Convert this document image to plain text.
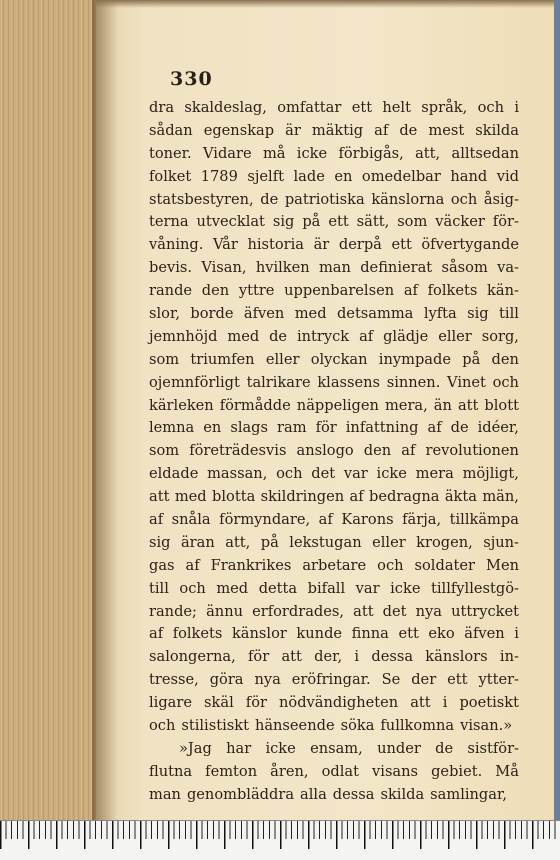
330
dra skaldeslag, omfattar ett helt språk, och i
sådan egenskap är mäktig af de mest skilda
toner. Vidare må icke förbigås, att, alltsedan
folket 1789 sjelft lade en omedelbar hand vid
statsbestyren, de patriotiska känslorna och åsig-
terna utvecklat sig på ett sätt, som väcker för-
våning. Vår historia är derpå ett öfvertygande
bevis. Visan, hvilken man definierat såsom va-
rande den yttre uppenbarelsen af folkets kän-
slor, borde äfven med detsamma lyfta sig till
jemnhöjd med de intryck af glädje eller sorg,
som triumfen eller olyckan inympade på den
ojemnförligt talrikare klassens sinnen. Vinet och
kärleken förmådde näppeligen mera, än att blott
lemna en slags ram för infattning af de idéer,
som företrädesvis anslogo den af revolutionen
eldade massan, och det var icke mera möjligt,
att med blotta skildringen af bedragna äkta män,
af snåla förmyndare, af Karons färja, tillkämpa
sig äran att, på lekstugan eller krogen, sjun-
gas af Frankrikes arbetare och soldater Men
till och med detta bifall var icke tillfyllestgö-
rande; ännu erfordrades, att det nya uttrycket
af folkets känslor kunde finna ett eko äfven i
salongerna, för att der, i dessa känslors in-
tresse, göra nya eröfringar. Se der ett ytter-
ligare skäl för nödvändigheten att i poetiskt
och stilistiskt hänseende söka fullkomna visan.»
»Jag har icke ensam, under de sistför-
flutna femton åren, odlat visans gebiet. Må
man genombläddra alla dessa skilda samlingar,
